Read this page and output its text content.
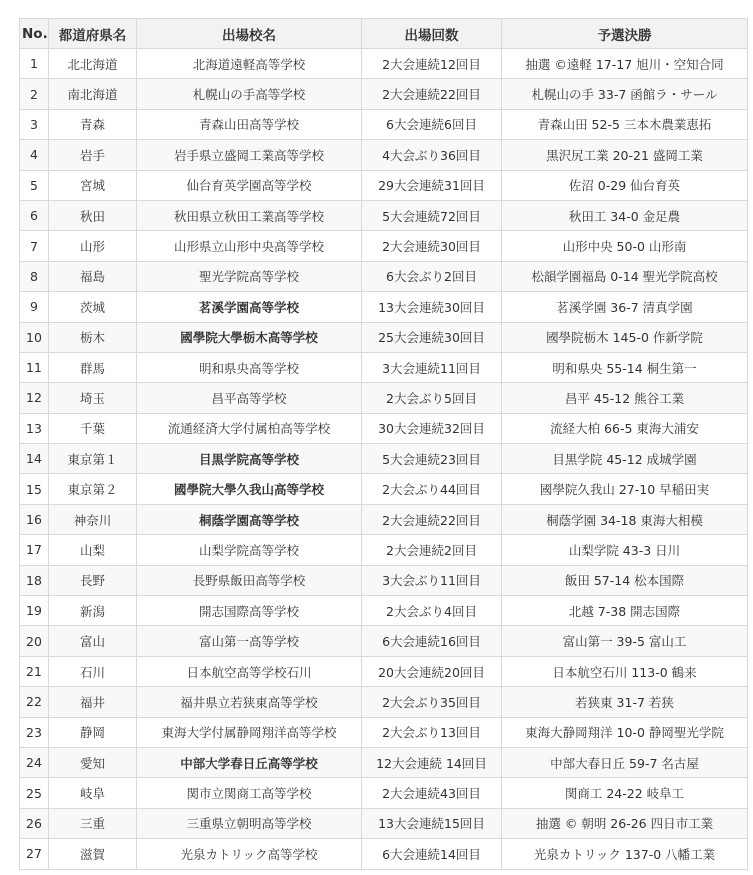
No.	都道府県名	出場校名	出場回数	予選決勝
1	北北海道	北海道遠軽高等学校	2大会連続12回目	抽選 ©遠軽 17-17 旭川・空知合同
2	南北海道	札幌山の手高等学校	2大会連続22回目	札幌山の手 33-7 函館ラ・サール
3	青森	青森山田高等学校	6大会連続6回目	青森山田 52-5 三本木農業恵拓
4	岩手	岩手県立盛岡工業高等学校	4大会ぶり36回目	黒沢尻工業 20-21 盛岡工業
5	宮城	仙台育英学園高等学校	29大会連続31回目	佐沼 0-29 仙台育英
6	秋田	秋田県立秋田工業高等学校	5大会連続72回目	秋田工 34-0 金足農
7	山形	山形県立山形中央高等学校	2大会連続30回目	山形中央 50-0 山形南
8	福島	聖光学院高等学校	6大会ぶり2回目	松韻学園福島 0-14 聖光学院高校
9	茨城	茗溪学園高等学校	13大会連続30回目	茗溪学園 36-7 清真学園
10	栃木	國學院大學栃木高等学校	25大会連続30回目	國學院栃木 145-0 作新学院
11	群馬	明和県央高等学校	3大会連続11回目	明和県央 55-14 桐生第一
12	埼玉	昌平高等学校	2大会ぶり5回目	昌平 45-12 熊谷工業
13	千葉	流通経済大学付属柏高等学校	30大会連続32回目	流経大柏 66-5 東海大浦安
14	東京第１	目黒学院高等学校	5大会連続23回目	目黒学院 45-12 成城学園
15	東京第２	國學院大學久我山高等学校	2大会ぶり44回目	國學院久我山 27-10 早稲田実
16	神奈川	桐蔭学園高等学校	2大会連続22回目	桐蔭学園 34-18 東海大相模
17	山梨	山梨学院高等学校	2大会連続2回目	山梨学院 43-3 日川
18	長野	長野県飯田高等学校	3大会ぶり11回目	飯田 57-14 松本国際
19	新潟	開志国際高等学校	2大会ぶり4回目	北越 7-38 開志国際
20	富山	富山第一高等学校	6大会連続16回目	富山第一 39-5 富山工
21	石川	日本航空高等学校石川	20大会連続20回目	日本航空石川 113-0 鶴来
22	福井	福井県立若狭東高等学校	2大会ぶり35回目	若狭東 31-7 若狭
23	静岡	東海大学付属静岡翔洋高等学校	2大会ぶり13回目	東海大静岡翔洋 10-0 静岡聖光学院
24	愛知	中部大学春日丘高等学校	12大会連続 14回目	中部大春日丘 59-7 名古屋
25	岐阜	関市立関商工高等学校	2大会連続43回目	関商工 24-22 岐阜工
26	三重	三重県立朝明高等学校	13大会連続15回目	抽選 © 朝明 26-26 四日市工業
27	滋賀	光泉カトリック高等学校	6大会連続14回目	光泉カトリック 137-0 八幡工業
